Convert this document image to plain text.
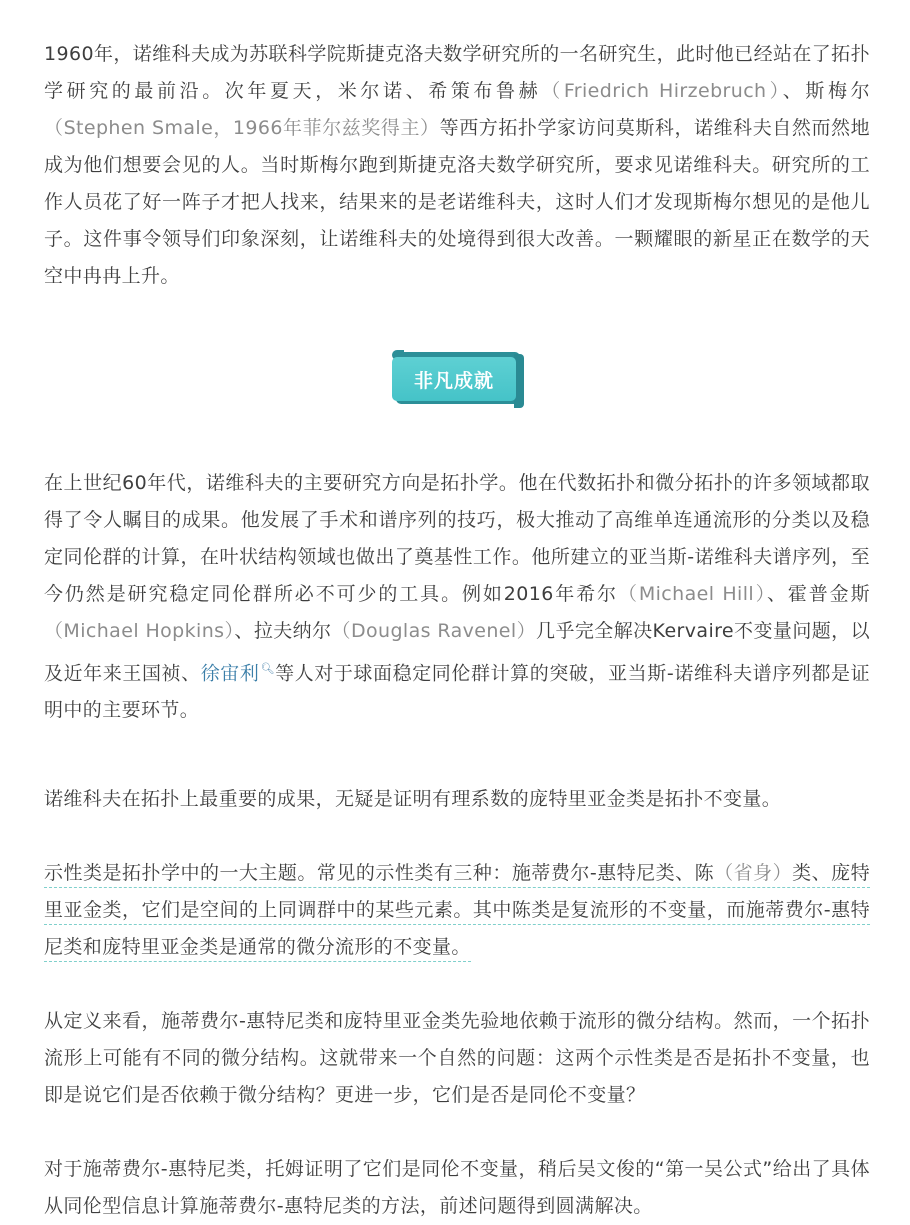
1960年，诺维科夫成为苏联科学院斯捷克洛夫数学研究所的一名研究生，此时他已经站在了拓扑学研究的最前沿。次年夏天，米尔诺、希策布鲁赫（Friedrich Hirzebruch）、斯梅尔（Stephen Smale，1966年菲尔兹奖得主）等西方拓扑学家访问莫斯科，诺维科夫自然而然地成为他们想要会见的人。当时斯梅尔跑到斯捷克洛夫数学研究所，要求见诺维科夫。研究所的工作人员花了好一阵子才把人找来，结果来的是老诺维科夫，这时人们才发现斯梅尔想见的是他儿子。这件事令领导们印象深刻，让诺维科夫的处境得到很大改善。一颗耀眼的新星正在数学的天空中冉冉上升。

非凡成就

在上世纪60年代，诺维科夫的主要研究方向是拓扑学。他在代数拓扑和微分拓扑的许多领域都取得了令人瞩目的成果。他发展了手术和谱序列的技巧，极大推动了高维单连通流形的分类以及稳定同伦群的计算，在叶状结构领域也做出了奠基性工作。他所建立的亚当斯-诺维科夫谱序列，至今仍然是研究稳定同伦群所必不可少的工具。例如2016年希尔（Michael Hill）、霍普金斯（Michael Hopkins）、拉夫纳尔（Douglas Ravenel）几乎完全解决Kervaire不变量问题，以及近年来王国祯、徐宙利🔍︎等人对于球面稳定同伦群计算的突破，亚当斯-诺维科夫谱序列都是证明中的主要环节。

诺维科夫在拓扑上最重要的成果，无疑是证明有理系数的庞特里亚金类是拓扑不变量。

示性类是拓扑学中的一大主题。常见的示性类有三种：施蒂费尔-惠特尼类、陈（省身）类、庞特里亚金类，它们是空间的上同调群中的某些元素。其中陈类是复流形的不变量，而施蒂费尔-惠特尼类和庞特里亚金类是通常的微分流形的不变量。

从定义来看，施蒂费尔-惠特尼类和庞特里亚金类先验地依赖于流形的微分结构。然而，一个拓扑流形上可能有不同的微分结构。这就带来一个自然的问题：这两个示性类是否是拓扑不变量，也即是说它们是否依赖于微分结构？更进一步，它们是否是同伦不变量？

对于施蒂费尔-惠特尼类，托姆证明了它们是同伦不变量，稍后吴文俊的“第一吴公式”给出了具体从同伦型信息计算施蒂费尔-惠特尼类的方法，前述问题得到圆满解决。
